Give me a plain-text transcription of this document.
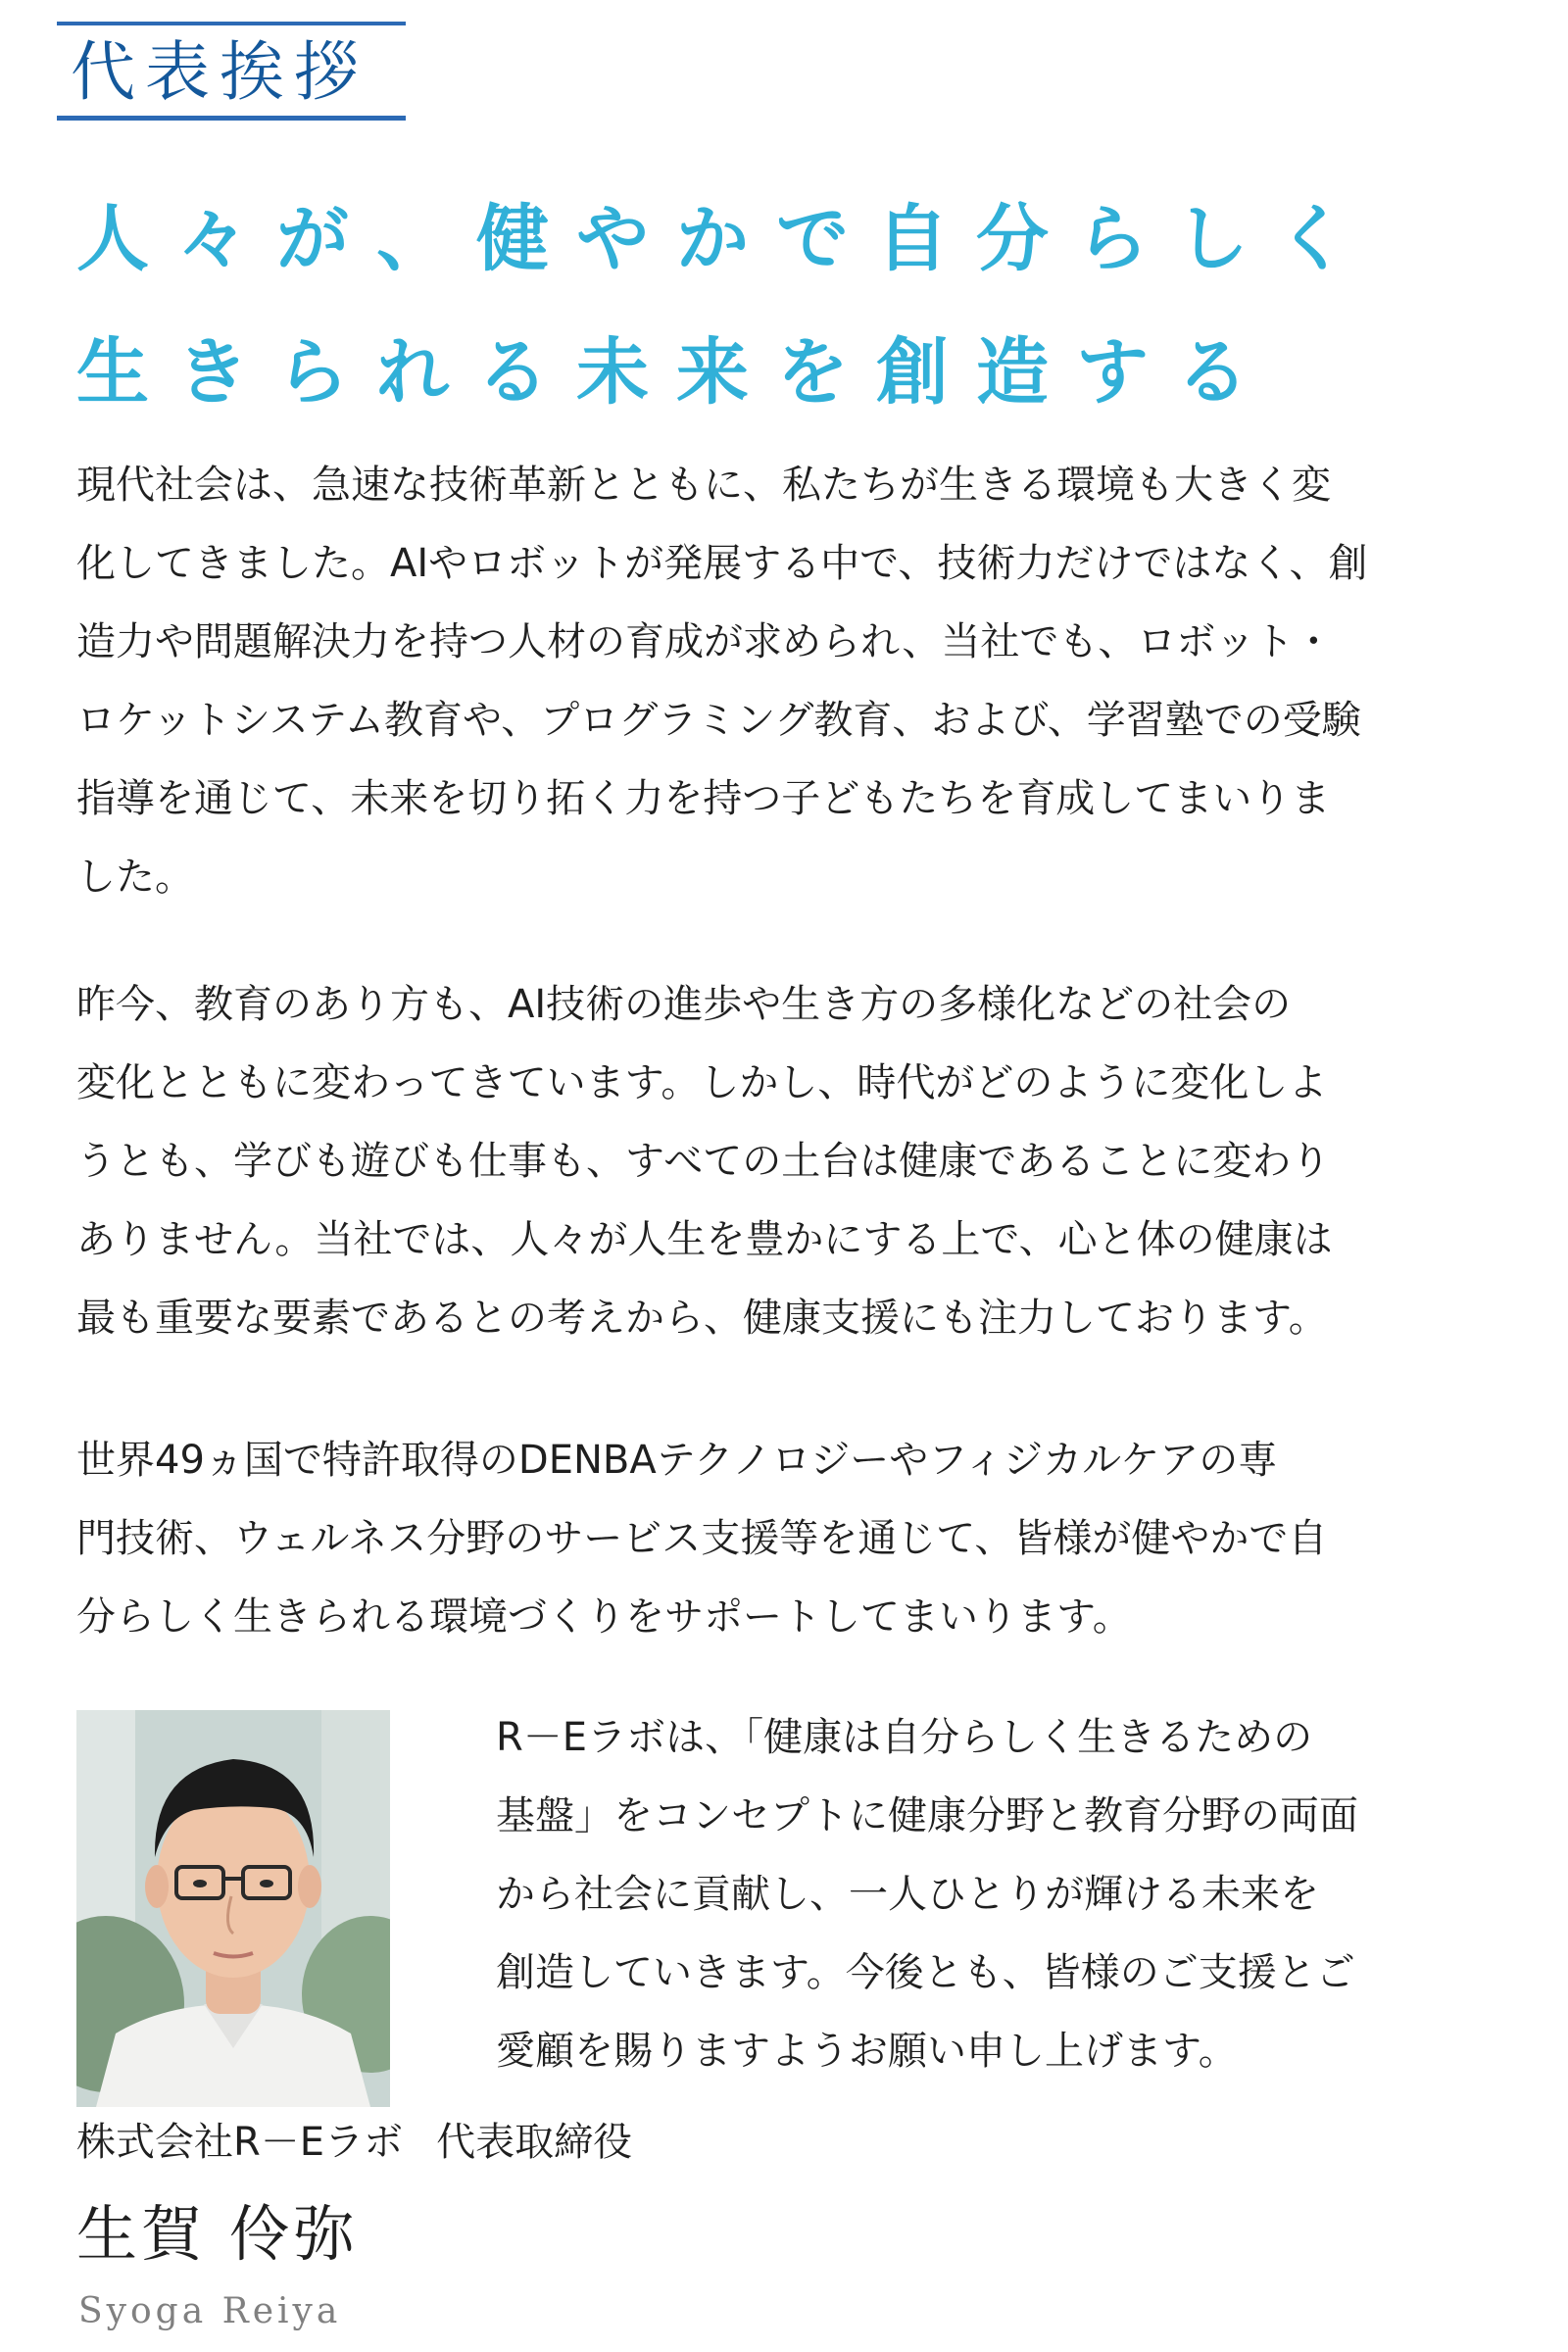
代表挨拶
人々が、健やかで自分らしく
生きられる未来を創造する
現代社会は、急速な技術革新とともに、私たちが生きる環境も大きく変
化してきました。AIやロボットが発展する中で、技術力だけではなく、創
造力や問題解決力を持つ人材の育成が求められ、当社でも、ロボット・
ロケットシステム教育や、プログラミング教育、および、学習塾での受験
指導を通じて、未来を切り拓く力を持つ子どもたちを育成してまいりま
した。
昨今、教育のあり方も、AI技術の進歩や生き方の多様化などの社会の
変化とともに変わってきています。しかし、時代がどのように変化しよ
うとも、学びも遊びも仕事も、すべての土台は健康であることに変わり
ありません。当社では、人々が人生を豊かにする上で、心と体の健康は
最も重要な要素であるとの考えから、健康支援にも注力しております。
世界49ヵ国で特許取得のDENBAテクノロジーやフィジカルケアの専
門技術、ウェルネス分野のサービス支援等を通じて、皆様が健やかで自
分らしく生きられる環境づくりをサポートしてまいります。
R－Eラボは、「健康は自分らしく生きるための
基盤」をコンセプトに健康分野と教育分野の両面
から社会に貢献し、一人ひとりが輝ける未来を
創造していきます。今後とも、皆様のご支援とご
愛顧を賜りますようお願い申し上げます。
株式会社R－Eラボ 代表取締役
生賀 伶弥
Syoga Reiya
